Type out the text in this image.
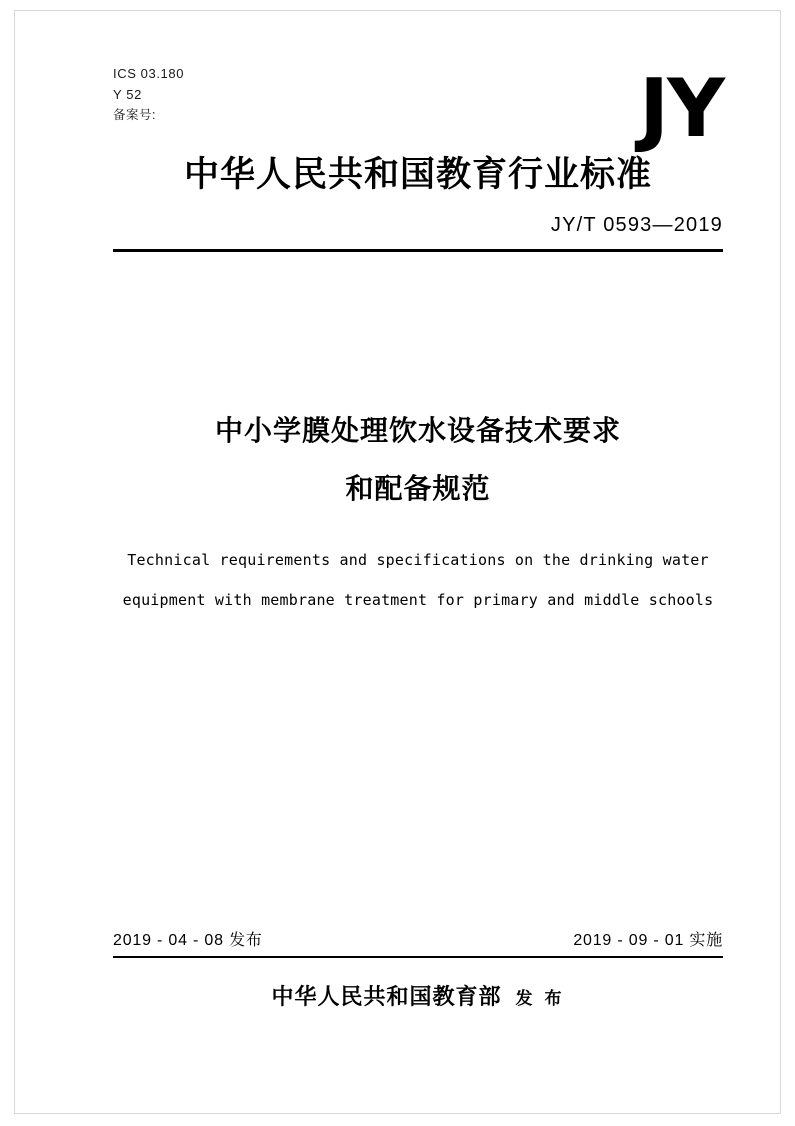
JY
ICS 03.180
Y 52
备案号:
中华人民共和国教育行业标准
JY/T 0593—2019
中小学膜处理饮水设备技术要求
和配备规范
Technical requirements and specifications on the drinking water
equipment with membrane treatment for primary and middle schools
2019 - 04 - 08 发布	2019 - 09 - 01 实施
中华人民共和国教育部 发 布
